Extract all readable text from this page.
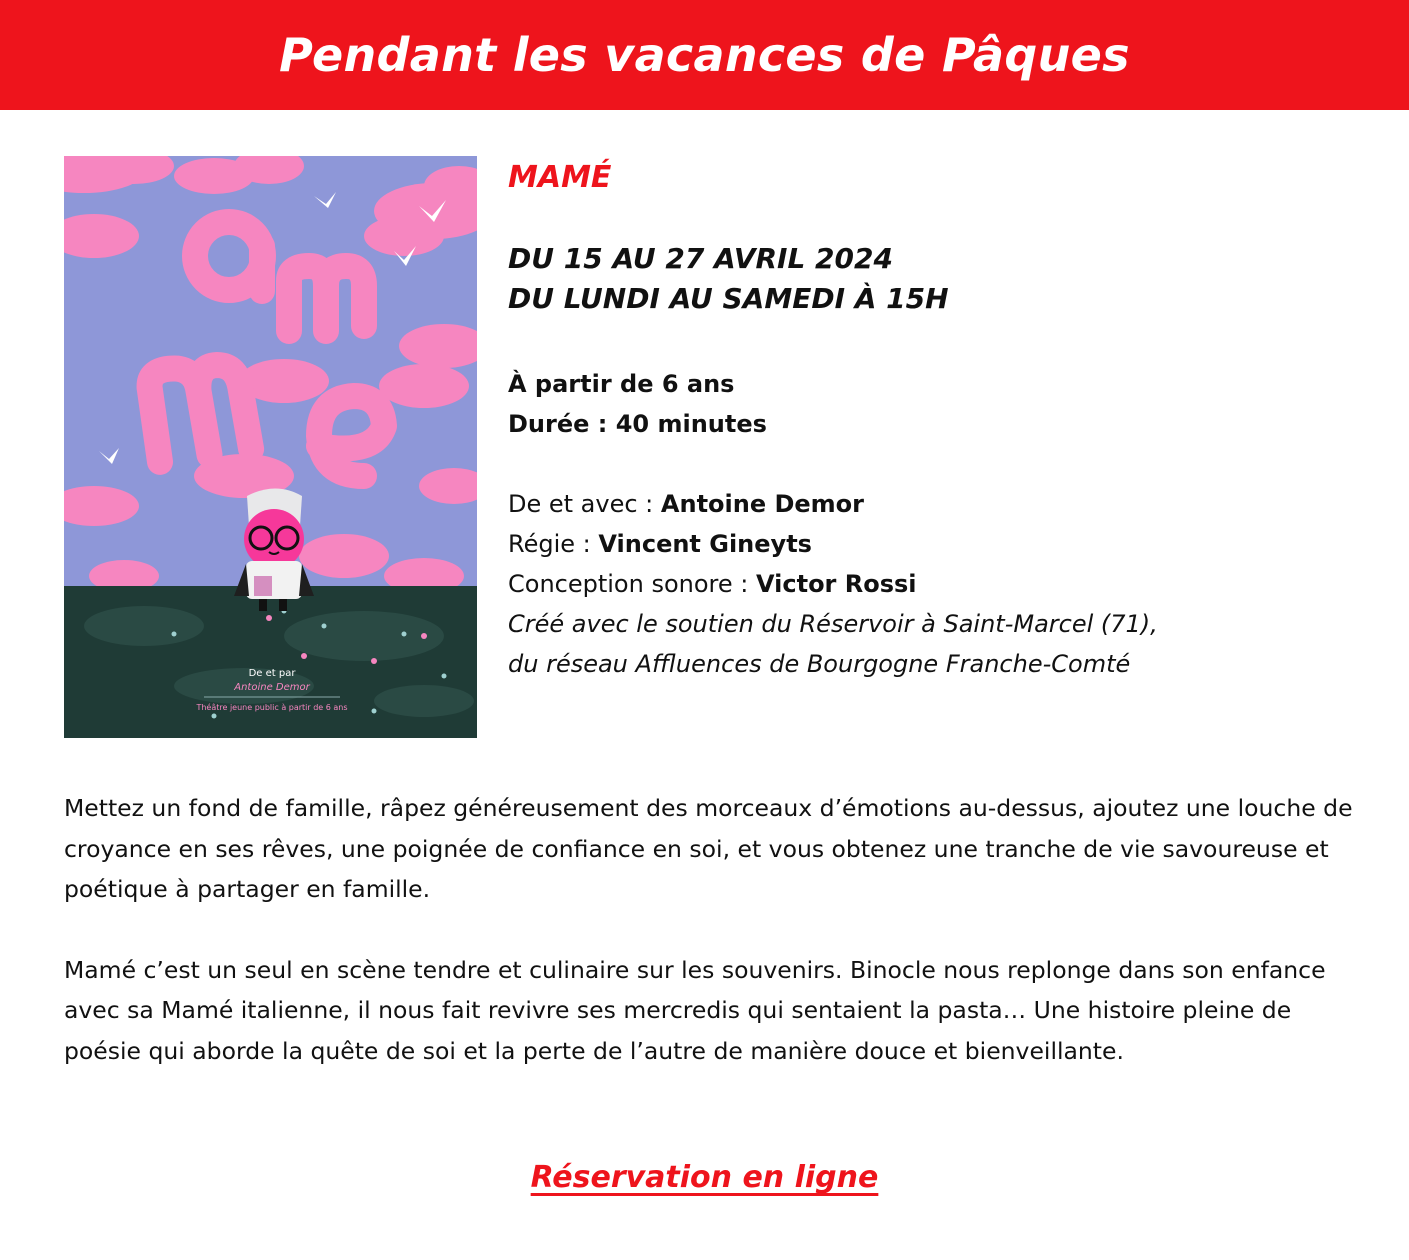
Pendant les vacances de Pâques
De et par
Antoine Demor
Théâtre jeune public à partir de 6 ans
MAMÉ
DU 15 AU 27 AVRIL 2024
DU LUNDI AU SAMEDI À 15H
À partir de 6 ans
Durée : 40 minutes
De et avec : Antoine Demor
Régie : Vincent Gineyts
Conception sonore : Victor Rossi
Créé avec le soutien du Réservoir à Saint-Marcel (71),
du réseau Affluences de Bourgogne Franche-Comté

Mettez un fond de famille, râpez généreusement des morceaux d’émotions au-dessus, ajoutez une louche de croyance en ses rêves, une poignée de confiance en soi, et vous obtenez une tranche de vie savoureuse et poétique à partager en famille.

Mamé c’est un seul en scène tendre et culinaire sur les souvenirs. Binocle nous replonge dans son enfance avec sa Mamé italienne, il nous fait revivre ses mercredis qui sentaient la pasta… Une histoire pleine de poésie qui aborde la quête de soi et la perte de l’autre de manière douce et bienveillante.

Réservation en ligne
